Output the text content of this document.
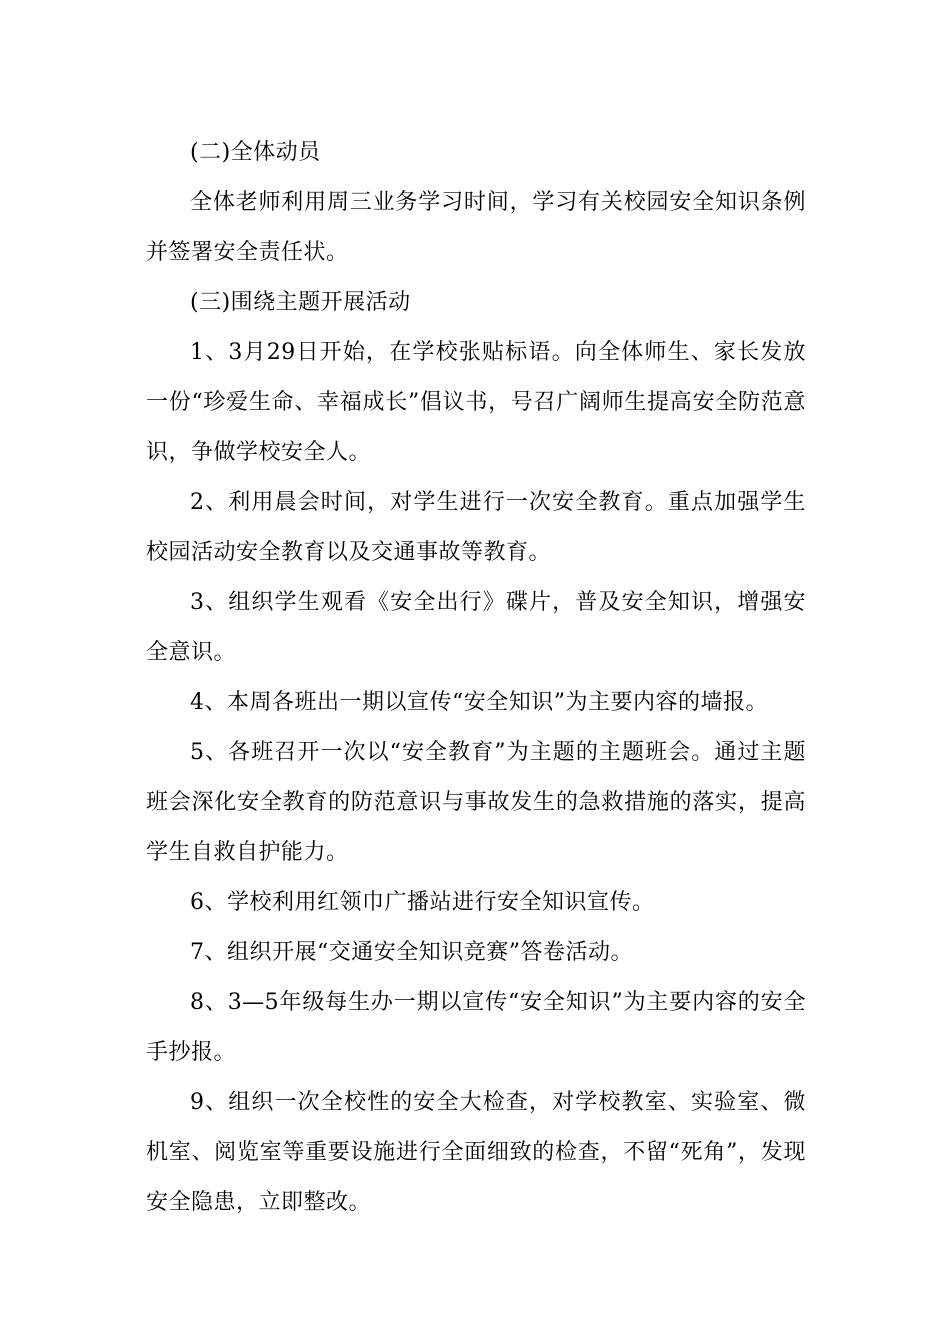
(二)全体动员

全体老师利用周三业务学习时间，学习有关校园安全知识条例并签署安全责任状。

(三)围绕主题开展活动

1、3月29日开始，在学校张贴标语。向全体师生、家长发放一份“珍爱生命、幸福成长”倡议书，号召广阔师生提高安全防范意识，争做学校安全人。

2、利用晨会时间，对学生进行一次安全教育。重点加强学生校园活动安全教育以及交通事故等教育。

3、组织学生观看《安全出行》碟片，普及安全知识，增强安全意识。

4、本周各班出一期以宣传“安全知识”为主要内容的墙报。

5、各班召开一次以“安全教育”为主题的主题班会。通过主题班会深化安全教育的防范意识与事故发生的急救措施的落实，提高学生自救自护能力。

6、学校利用红领巾广播站进行安全知识宣传。

7、组织开展“交通安全知识竞赛”答卷活动。

8、3—5年级每生办一期以宣传“安全知识”为主要内容的安全手抄报。

9、组织一次全校性的安全大检查，对学校教室、实验室、微机室、阅览室等重要设施进行全面细致的检查，不留“死角”，发现安全隐患，立即整改。
